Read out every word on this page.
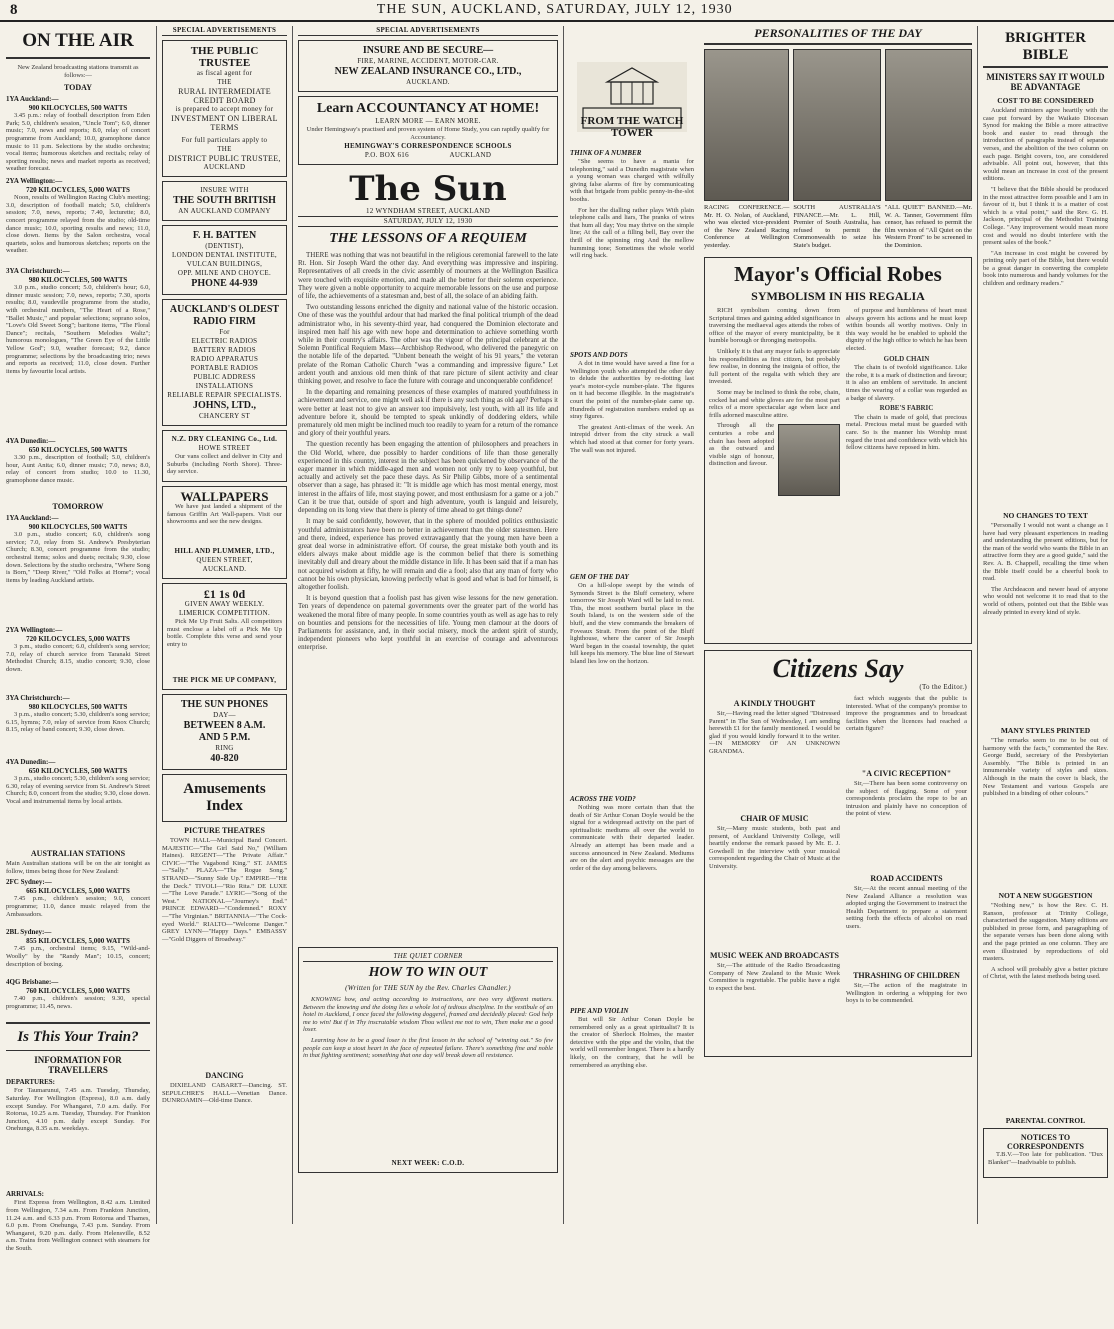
8	THE SUN, AUCKLAND, SATURDAY, JULY 12, 1930
ON THE AIR
New Zealand broadcasting stations transmit as follows:—
TODAY
1YA Auckland:—
900 KILOCYCLES, 500 WATTS

3.45 p.m.: relay of football description from Eden Park; 5.0, children's session, "Uncle Tom"; 6.0, dinner music; 7.0, news and reports; 8.0, relay of concert programme from Auckland; 10.0, gramophone dance music to 11 p.m. Selections by the studio orchestra; vocal items; humorous sketches and recitals; relay of sporting results; news and market reports as received; weather forecast.

2YA Wellington:—
720 KILOCYCLES, 5,000 WATTS

Noon, results of Wellington Racing Club's meeting; 3.0, description of football match; 5.0, children's session; 7.0, news, reports; 7.40, lecturette; 8.0, concert programme relayed from the studio; old-time dance music; 10.0, sporting results and news; 11.0, close down. Items by the Salon orchestra, vocal quartets, solos and humorous sketches; reports on the weather.

3YA Christchurch:—
980 KILOCYCLES, 500 WATTS

3.0 p.m., studio concert; 5.0, children's hour; 6.0, dinner music session; 7.0, news, reports; 7.30, sports results; 8.0, vaudeville programme from the studio, with orchestral numbers, "The Heart of a Rose," "Ballet Music," and popular selections; soprano solos, "Love's Old Sweet Song"; baritone items, "The Floral Dance"; recitals, "Southern Melodies Waltz"; humorous monologues, "The Green Eye of the Little Yellow God"; 9.0, weather forecast; 9.2, dance programme; selections by the broadcasting trio; news and reports as received; 11.0, close down. Further items by favourite local artists.

4YA Dunedin:—
650 KILOCYCLES, 500 WATTS

3.30 p.m., description of football; 5.0, children's hour, Aunt Anita; 6.0, dinner music; 7.0, news; 8.0, relay of concert from studio; 10.0 to 11.30, gramophone dance music.

TOMORROW
1YA Auckland:—
900 KILOCYCLES, 500 WATTS

3.0 p.m., studio concert; 6.0, children's song service; 7.0, relay from St. Andrew's Presbyterian Church; 8.30, concert programme from the studio; orchestral items; solos and duets; recitals; 9.30, close down. Selections by the studio orchestra, "Where Song is Born," "Deep River," "Old Folks at Home"; vocal items by leading Auckland artists.

2YA Wellington:—
720 KILOCYCLES, 5,000 WATTS

3 p.m., studio concert; 6.0, children's song service; 7.0, relay of church service from Taranaki Street Methodist Church; 8.15, studio concert; 9.30, close down.

3YA Christchurch:—
980 KILOCYCLES, 500 WATTS

3 p.m., studio concert; 5.30, children's song service; 6.15, hymns; 7.0, relay of service from Knox Church; 8.15, relay of band concert; 9.30, close down.

4YA Dunedin:—
650 KILOCYCLES, 500 WATTS

3 p.m., studio concert; 5.30, children's song service; 6.30, relay of evening service from St. Andrew's Street Church; 8.0, concert from the studio; 9.30, close down. Vocal and instrumental items by local artists.

AUSTRALIAN STATIONS
Main Australian stations will be on the air tonight as follow, times being those for New Zealand:
2FC Sydney:—
665 KILOCYCLES, 5,000 WATTS

7.45 p.m., children's session; 9.0, concert programme; 11.0, dance music relayed from the Ambassadors.

2BL Sydney:—
855 KILOCYCLES, 5,000 WATTS

7.45 p.m., orchestral items; 9.15, "Wild-and-Woolly" by the "Randy Man"; 10.15, concert; description of boxing.

4QG Brisbane:—
760 KILOCYCLES, 5,000 WATTS

7.40 p.m., children's session; 9.30, special programme; 11.45, news.

Is This Your Train?
INFORMATION FOR TRAVELLERS
DEPARTURES:

For Taumarunui, 7.45 a.m. Tuesday, Thursday, Saturday. For Wellington (Express), 8.0 a.m. daily except Sunday. For Whangarei, 7.0 a.m. daily. For Rotorua, 10.25 a.m. Tuesday, Thursday. For Frankton Junction, 4.10 p.m. daily except Sunday. For Onehunga, 8.35 a.m. weekdays.

ARRIVALS:

First Express from Wellington, 8.42 a.m. Limited from Wellington, 7.34 a.m. From Frankton Junction, 11.24 a.m. and 6.33 p.m. From Rotorua and Thames, 6.0 p.m. From Onehunga, 7.43 p.m. Sunday. From Whangarei, 9.20 p.m. daily. From Helensville, 8.52 a.m. Trains from Wellington connect with steamers for the South.

SPECIAL ADVERTISEMENTS
THE PUBLIC TRUSTEE
as fiscal agent for
THE
RURAL INTERMEDIATE
CREDIT BOARD
is prepared to accept money for
INVESTMENT ON LIBERAL
TERMS
For full particulars apply to
THE
DISTRICT PUBLIC TRUSTEE,
AUCKLAND
INSURE WITH
THE SOUTH BRITISH
AN AUCKLAND COMPANY
F. H. BATTEN
(DENTIST),
LONDON DENTAL INSTITUTE,
VULCAN BUILDINGS,
OPP. MILNE AND CHOYCE.
PHONE 44-939
AUCKLAND'S OLDEST RADIO FIRM
For
ELECTRIC RADIOS
BATTERY RADIOS
RADIO APPARATUS
PORTABLE RADIOS
PUBLIC ADDRESS
INSTALLATIONS
RELIABLE REPAIR SPECIALISTS.
JOHNS, LTD.,
CHANCERY ST
N.Z. DRY CLEANING Co., Ltd.
HOWE STREET

Our vans collect and deliver in City and Suburbs (including North Shore). Three-day service.

WALLPAPERS

We have just landed a shipment of the famous Griffin Art Wall-papers. Visit our showrooms and see the new designs.

HILL AND PLUMMER, LTD.,
QUEEN STREET,
AUCKLAND.
£1 1s 0d
GIVEN AWAY WEEKLY. LIMERICK COMPETITION.

Pick Me Up Fruit Salts. All competitors must enclose a label off a Pick Me Up bottle. Complete this verse and send your entry to

THE PICK ME UP COMPANY,
THE SUN PHONES
DAY—
BETWEEN 8 A.M.
AND 5 P.M.
RING
40-820
Amusements Index
PICTURE THEATRES

TOWN HALL—Municipal Band Concert. MAJESTIC—"The Girl Said No," (William Haines). REGENT—"The Private Affair." CIVIC—"The Vagabond King." ST. JAMES—"Sally." PLAZA—"The Rogue Song." STRAND—"Sunny Side Up." EMPIRE—"Hit the Deck." TIVOLI—"Rio Rita." DE LUXE—"The Love Parade." LYRIC—"Song of the West." NATIONAL—"Journey's End." PRINCE EDWARD—"Condemned." ROXY—"The Virginian." BRITANNIA—"The Cock-eyed World." RIALTO—"Welcome Danger." GREY LYNN—"Happy Days." EMBASSY—"Gold Diggers of Broadway."

DANCING

DIXIELAND CABARET—Dancing. ST. SEPULCHRE'S HALL—Venetian Dance. DUNROAMIN—Old-time Dance.

SPECIAL ADVERTISEMENTS
INSURE AND BE SECURE—
FIRE, MARINE, ACCIDENT, MOTOR-CAR.
NEW ZEALAND INSURANCE CO., LTD.,
AUCKLAND.
Learn ACCOUNTANCY AT HOME!
LEARN MORE — EARN MORE.
Under Hemingway's practised and proven system of Home Study, you can rapidly qualify for Accountancy.
HEMINGWAY'S CORRESPONDENCE SCHOOLS
P.O. BOX 616                    AUCKLAND
The Sun
12 WYNDHAM STREET, AUCKLAND
SATURDAY, JULY 12, 1930
THE LESSONS OF A REQUIEM

THERE was nothing that was not beautiful in the religious ceremonial farewell to the late Rt. Hon. Sir Joseph Ward the other day. And everything was impressive and inspiring. Representatives of all creeds in the civic assembly of mourners at the Wellington Basilica were touched with exquisite emotion, and made all the better for their solemn experience. They were given a noble opportunity to acquire memorable lessons on the use and purpose of life, the achievements of a statesman and, best of all, the solace of an abiding faith.

Two outstanding lessons enriched the dignity and national value of the historic occasion. One of these was the youthful ardour that had marked the final political triumph of the dead administrator who, in his seventy-third year, had conquered the Dominion electorate and inspired men half his age with new hope and determination to achieve something worth while in their country's affairs. The other was the vigour of the principal celebrant at the Solemn Pontifical Requiem Mass—Archbishop Redwood, who delivered the panegyric on the notable life of the departed. "Unbent beneath the weight of his 91 years," the veteran prelate of the Roman Catholic Church "was a commanding and impressive figure." Let ardent youth and anxious old men think of that rare picture of silent activity and clear thinking power, and resolve to face the future with courage and unconquerable confidence!

In the departing and remaining presences of these examples of matured youthfulness in achievement and service, one might well ask if there is any such thing as old age? Perhaps it were better at least not to give an answer too impulsively, lest youth, with all its life and adventure before it, should be tempted to speak unkindly of doddering elders, while prematurely old men might be inclined much too readily to yearn for a return of the romance and glory of their youthful years.

The question recently has been engaging the attention of philosophers and preachers in the Old World, where, due possibly to harder conditions of life than those generally experienced in this country, interest in the subject has been quickened by observance of the eager manner in which middle-aged men and women not only try to keep youthful, but actually and actively set the pace these days. As Sir Philip Gibbs, more of a sentimental observer than a sage, has phrased it: "It is middle age which has most mental energy, most interest in the affairs of life, most staying power, and most enthusiasm for a game or a job." Can it be true that, outside of sport and high adventure, youth is languid and leisurely, depending on its long view that there is plenty of time ahead to get things done?

It may be said confidently, however, that in the sphere of moulded politics enthusiastic youthful administrators have been no better in achievement than the older statesmen. Here and there, indeed, experience has proved extravagantly that the young men have been a great deal worse in administrative effort. Of course, the great mistake both youth and its elders always make about middle age is the common belief that there is something inevitably dull and dreary about the middle distance in life. It has been said that if a man has not acquired wisdom at fifty, he will remain and die a fool; also that any man of forty who cannot be his own physician, knowing perfectly what is good and what is bad for himself, is altogether foolish.

It is beyond question that a foolish past has given wise lessons for the new generation. Ten years of dependence on paternal governments over the greater part of the world has weakened the moral fibre of many people. In some countries youth as well as age has to rely on bounties and pensions for the necessities of life. Young men clamour at the doors of Parliaments for assistance, and, in their social misery, mock the ardent spirit of sturdy, independent pioneers who kept youthful in an exercise of courage and adventurous enterprise.

THE QUIET CORNER
HOW TO WIN OUT
(Written for THE SUN by the Rev. Charles Chandler.)

KNOWING how, and acting according to instructions, are two very different matters. Between the knowing and the doing lies a whole lot of tedious discipline. In the vestibule of an hotel in Auckland, I once faced the following doggerel, framed and decidedly placed: God help me to win! But if in Thy inscrutable wisdom Thou willest me not to win, Then make me a good loser.

Learning how to be a good loser is the first lesson in the school of "winning out." So few people can keep a stout heart in the face of repeated failure. There's something fine and noble in that fighting sentiment; something that one day will break down all resistance.

NEXT WEEK: C.O.D.
FROM THE WATCH TOWER
THINK OF A NUMBER

"She seems to have a mania for telephoning," said a Dunedin magistrate when a young woman was charged with wilfully giving false alarms of fire by communicating with that brigade from public penny-in-the-slot booths.

For her the dialling rather plays With plain telephone calls and liars, The pranks of wires that hum all day; You may thrive on the simple line; At the call of a filling bell, Bay over the thrill of the spinning ring And the mellow humming tone; Sometimes the whole world will ring back.

SPOTS AND DOTS

A dot in time would have saved a fine for a Wellington youth who attempted the other day to delude the authorities by re-dotting last year's motor-cycle number-plate. The figures on it had become illegible. In the magistrate's court the point of the number-plate came up. Hundreds of registration numbers ended up as stray figures.

The greatest Anti-climax of the week. An intrepid driver from the city struck a wall which had stood at that corner for forty years. The wall was not injured.

GEM OF THE DAY

On a hill-slope swept by the winds of Symonds Street is the Bluff cemetery, where tomorrow Sir Joseph Ward will be laid to rest. This, the most southern burial place in the South Island, is on the western side of the bluff, and the view commands the breakers of Foveaux Strait. From the point of the Bluff lighthouse, where the career of Sir Joseph Ward began in the coastal township, the quiet hill keeps his memory. The blue line of Stewart Island lies low on the horizon.

ACROSS THE VOID?

Nothing was more certain than that the death of Sir Arthur Conan Doyle would be the signal for a widespread activity on the part of spiritualistic mediums all over the world to communicate with their departed leader. Already an attempt has been made and a success announced in New Zealand. Mediums are on the alert and psychic messages are the order of the day among believers.

PIPE AND VIOLIN

But will Sir Arthur Conan Doyle be remembered only as a great spiritualist? It is the creator of Sherlock Holmes, the master detective with the pipe and the violin, that the world will remember longest. There is a hardly likely, on the contrary, that he will be remembered as anything else.

PERSONALITIES OF THE DAY
RACING CONFERENCE.—Mr. H. O. Nolan, of Auckland, who was elected vice-president of the New Zealand Racing Conference at Wellington yesterday.
SOUTH AUSTRALIA'S FINANCE.—Mr. L. Hill, Premier of South Australia, has refused to permit the Commonwealth to seize his State's budget.
"ALL QUIET" BANNED.—Mr. W. A. Tanner, Government film censor, has refused to permit the film version of "All Quiet on the Western Front" to be screened in the Dominion.
Mayor's Official Robes
SYMBOLISM IN HIS REGALIA

RICH symbolism coming down from Scriptural times and gaining added significance in traversing the mediaeval ages attends the robes of office of the mayor of every municipality, be it humble borough or thronging metropolis.

Unlikely it is that any mayor fails to appreciate his responsibilities as first citizen, but probably few realise, in donning the insignia of office, the full portent of the regalia with which they are invested.

Some may be inclined to think the robe, chain, cocked hat and white gloves are for the most part relics of a more spectacular age when lace and frills adorned masculine attire.

Through all the centuries a robe and chain has been adopted as the outward and visible sign of honour, distinction and favour.

of purpose and humbleness of heart must always govern his actions and he must keep within bounds all worthy motives. Only in this way would he be enabled to uphold the dignity of the high office to which he has been elected.

GOLD CHAIN

The chain is of twofold significance. Like the robe, it is a mark of distinction and favour; it is also an emblem of servitude. In ancient times the wearing of a collar was regarded as a badge of slavery.

ROBE'S FABRIC

The chain is made of gold, that precious metal. Precious metal must be guarded with care. So is the manner his Worship must regard the trust and confidence with which his fellow citizens have reposed in him.

Citizens Say
(To the Editor.)
A KINDLY THOUGHT

Sir,—Having read the letter signed "Distressed Parent" in The Sun of Wednesday, I am sending herewith £1 for the family mentioned. I would be glad if you would kindly forward it to the writer.—IN MEMORY OF AN UNKNOWN GRANDMA.

CHAIR OF MUSIC

Sir,—Many music students, both past and present, of Auckland University College, will heartily endorse the remark passed by Mr. E. J. Gowdsell in the interview with your musical correspondent regarding the Chair of Music at the University.

MUSIC WEEK AND BROADCASTS

Sir,—The attitude of the Radio Broadcasting Company of New Zealand to the Music Week Committee is regrettable. The public have a right to expect the best.

fact which suggests that the public is interested. What of the company's promise to improve the programmes and to broadcast facilities when the licences had reached a certain figure?

"A CIVIC RECEPTION"

Sir,—There has been some controversy on the subject of flagging. Some of your correspondents proclaim the rope to be an intrusion and plainly have no conception of the point of view.

ROAD ACCIDENTS

Sir,—At the recent annual meeting of the New Zealand Alliance a resolution was adopted urging the Government to instruct the Health Department to prepare a statement setting forth the effects of alcohol on road users.

THRASHING OF CHILDREN

Sir,—The action of the magistrate in Wellington in ordering a whipping for two boys is to be commended.

BRIGHTER BIBLE
MINISTERS SAY IT WOULD BE ADVANTAGE
COST TO BE CONSIDERED

Auckland ministers agree heartily with the case put forward by the Waikato Diocesan Synod for making the Bible a more attractive book and easier to read through the introduction of paragraphs instead of separate verses, and the abolition of the two column on each page. Bright covers, too, are considered advisable. All point out, however, that this would mean an increase in cost of the present editions.

"I believe that the Bible should be produced in the most attractive form possible and I am in favour of it, but I think it is a matter of cost which is a vital point," said the Rev. G. H. Jackson, principal of the Methodist Training College. "Any improvement would mean more cost and would no doubt interfere with the present sales of the book."

"An increase in cost might be covered by printing only part of the Bible, but there would be a great danger in converting the complete book into numerous and handy volumes for the children and ordinary readers."

NO CHANGES TO TEXT

"Personally I would not want a change as I have had very pleasant experiences in reading and understanding the present editions, but for the man of the world who wants the Bible in an attractive form they are a good guide," said the Rev. A. B. Chappell, recalling the time when the Bible itself could be a cheerful book to read.

The Archdeacon and newer head of anyone who would not welcome it to read that to the world of others, pointed out that the Bible was already printed in every kind of style.

MANY STYLES PRINTED

"The remarks seem to me to be out of harmony with the facts," commented the Rev. George Budd, secretary of the Presbyterian Assembly. "The Bible is printed in an innumerable variety of styles and sizes. Although in the main the cover is black, the New Testament and various Gospels are published in a binding of other colours."

NOT A NEW SUGGESTION

"Nothing new," is how the Rev. C. H. Ranson, professor at Trinity College, characterised the suggestion. Many editions are published in prose form, and paragraphing of the separate verses has been done along with and the page printed as one column. They are even illustrated by reproductions of old masters.

A school will probably give a better picture of Christ, with the latest methods being used.

PARENTAL CONTROL
NOTICES TO CORRESPONDENTS

T.B.V.—Too late for publication. "Dux Blanket"—Inadvisable to publish.
